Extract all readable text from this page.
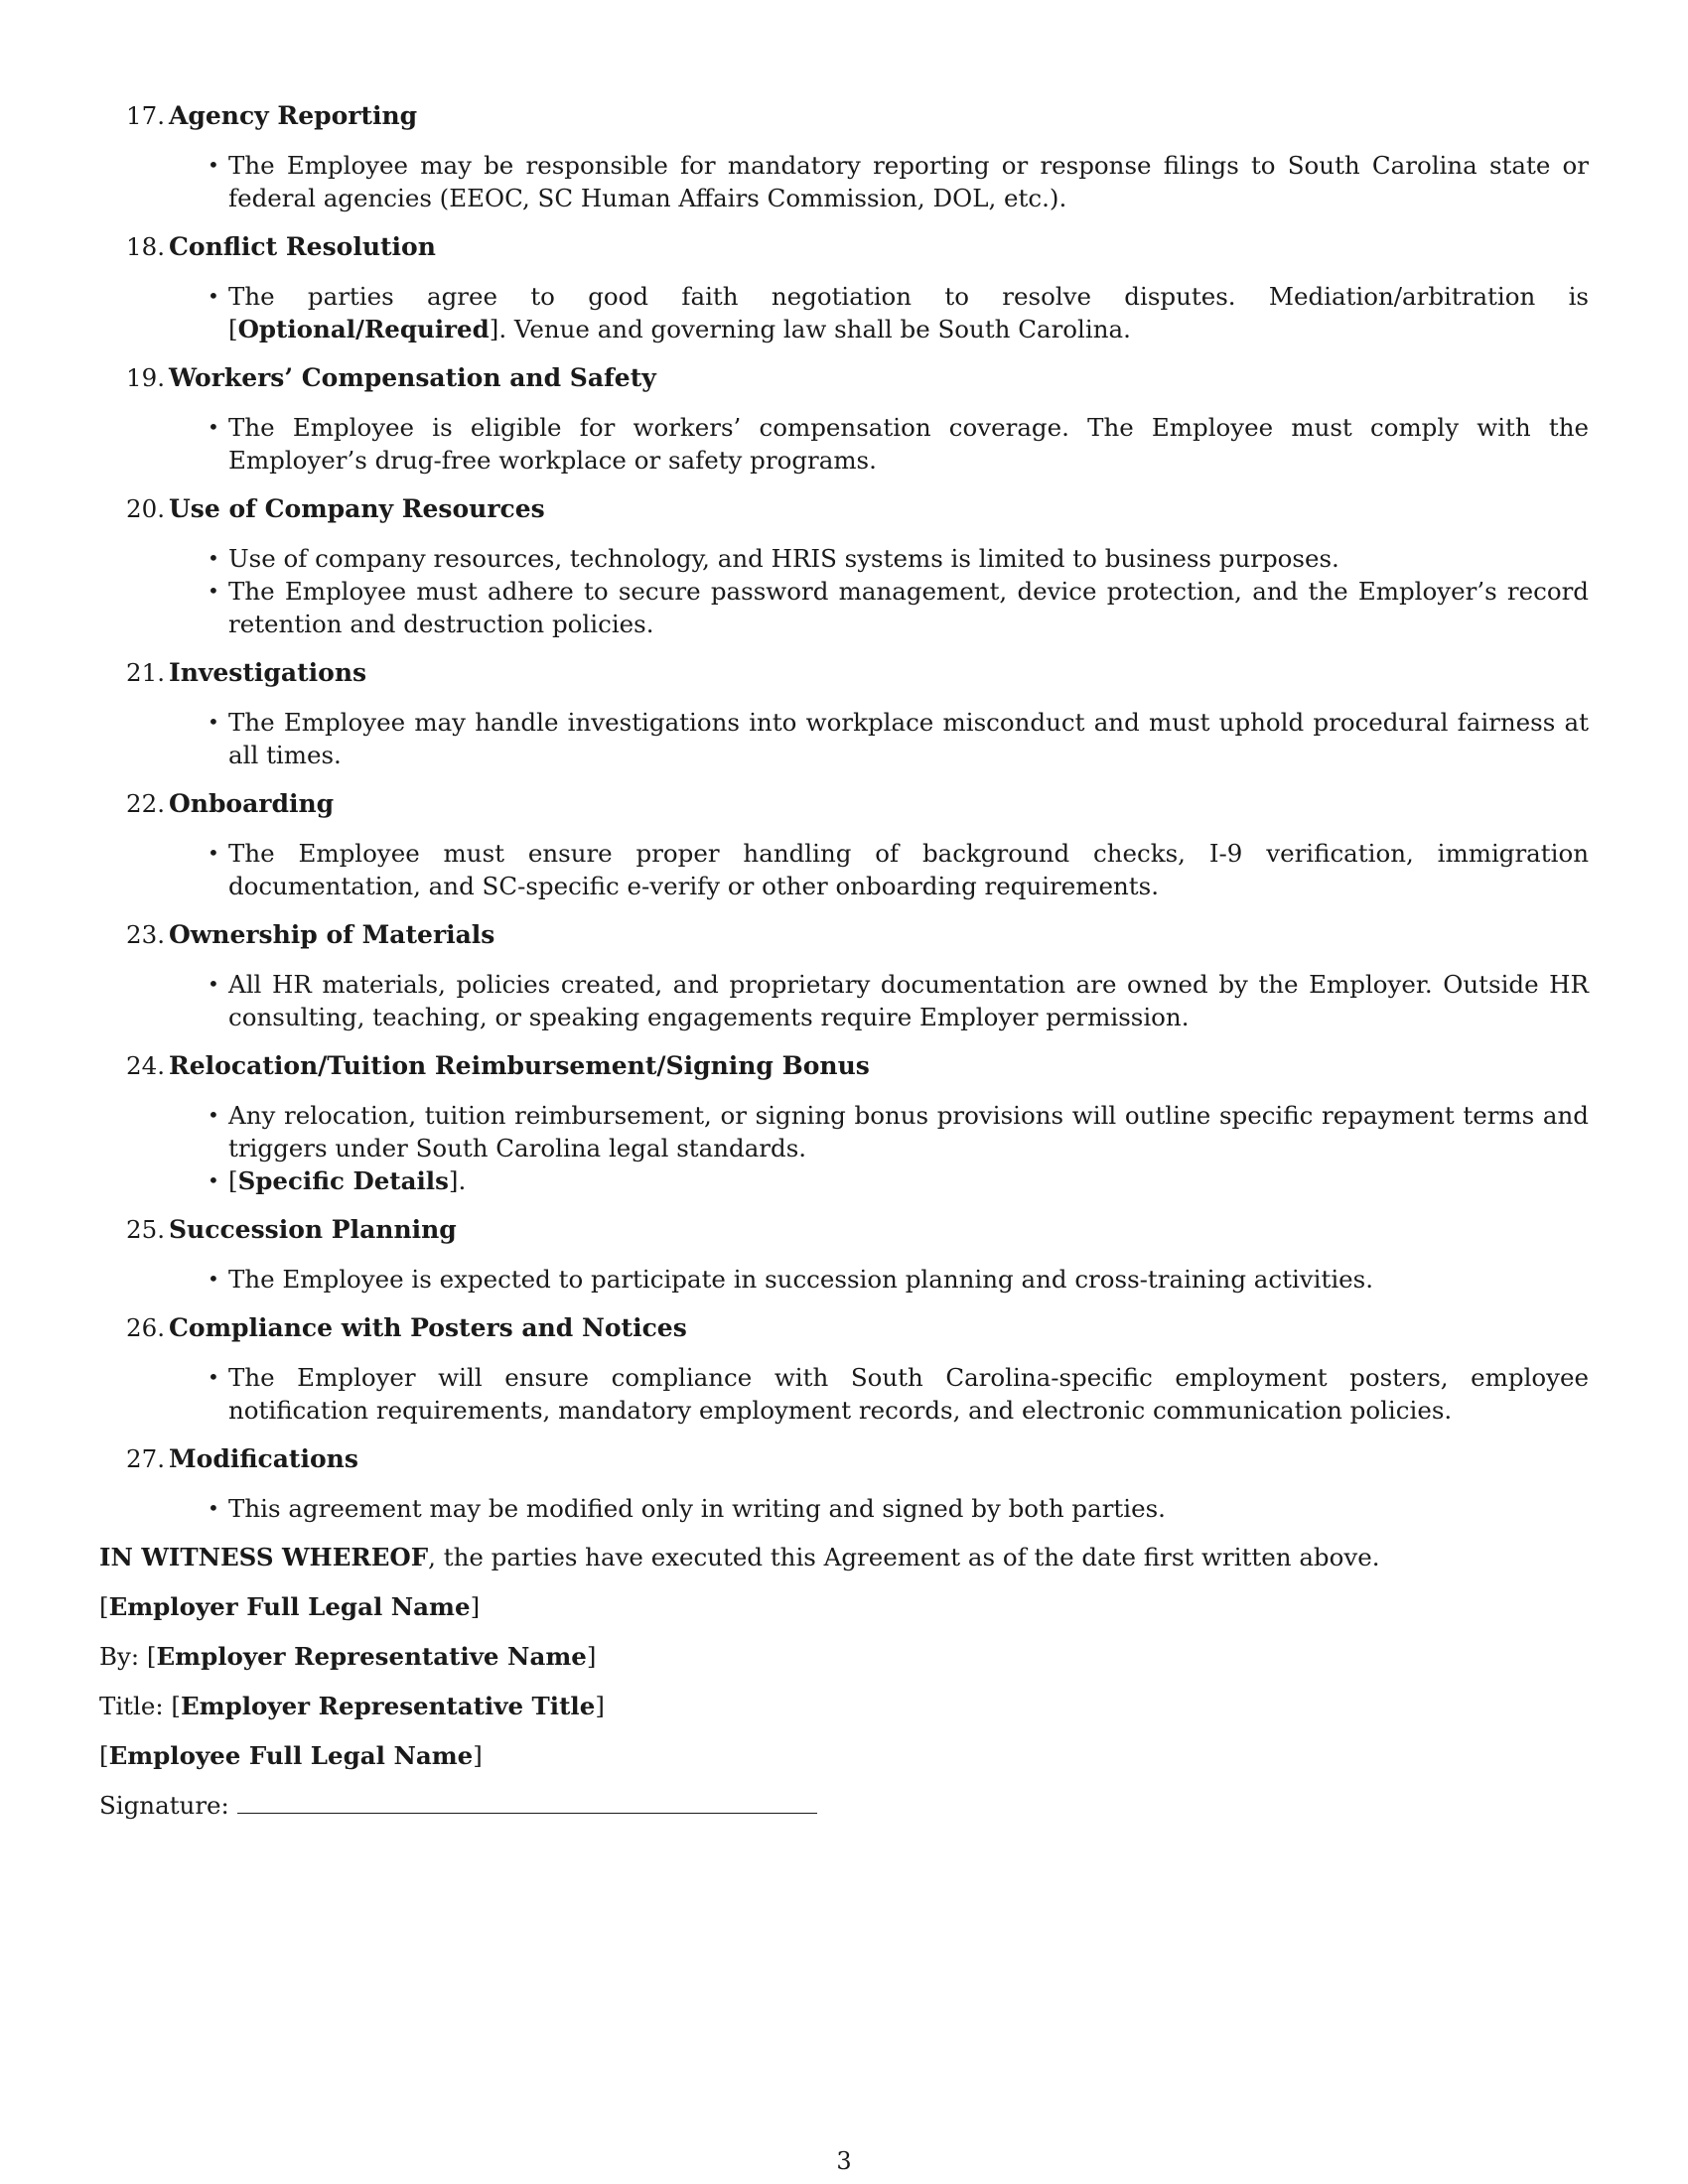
17. Agency Reporting
• The Employee may be responsible for mandatory reporting or response filings to South Carolina state or federal agencies (EEOC, SC Human Affairs Commission, DOL, etc.).
18. Conflict Resolution
• The parties agree to good faith negotiation to resolve disputes. Mediation/arbitration is [Optional/Required]. Venue and governing law shall be South Carolina.
19. Workers’ Compensation and Safety
• The Employee is eligible for workers’ compensation coverage. The Employee must comply with the Employer’s drug-free workplace or safety programs.
20. Use of Company Resources
• Use of company resources, technology, and HRIS systems is limited to business purposes.
• The Employee must adhere to secure password management, device protection, and the Employer’s record retention and destruction policies.
21. Investigations
• The Employee may handle investigations into workplace misconduct and must uphold procedural fairness at all times.
22. Onboarding
• The Employee must ensure proper handling of background checks, I-9 verification, immigration documentation, and SC-specific e-verify or other onboarding requirements.
23. Ownership of Materials
• All HR materials, policies created, and proprietary documentation are owned by the Employer. Outside HR consulting, teaching, or speaking engagements require Employer permission.
24. Relocation/Tuition Reimbursement/Signing Bonus
• Any relocation, tuition reimbursement, or signing bonus provisions will outline specific repayment terms and triggers under South Carolina legal standards.
• [Specific Details].
25. Succession Planning
• The Employee is expected to participate in succession planning and cross-training activities.
26. Compliance with Posters and Notices
• The Employer will ensure compliance with South Carolina-specific employment posters, employee notification requirements, mandatory employment records, and electronic communication policies.
27. Modifications
• This agreement may be modified only in writing and signed by both parties.

IN WITNESS WHEREOF, the parties have executed this Agreement as of the date first written above.

[Employer Full Legal Name]

By: [Employer Representative Name]

Title: [Employer Representative Title]

[Employee Full Legal Name]

Signature:

3
